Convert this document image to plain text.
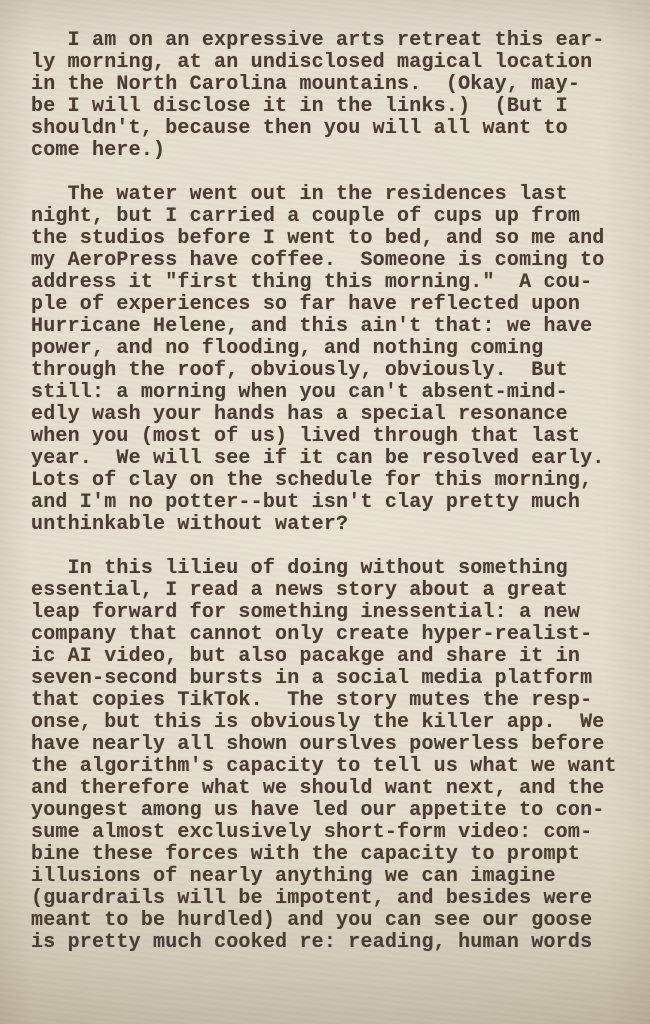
I am on an expressive arts retreat this ear-
ly morning, at an undisclosed magical location
in the North Carolina mountains.  (Okay, may-
be I will disclose it in the links.)  (But I
shouldn't, because then you will all want to
come here.)
The water went out in the residences last
night, but I carried a couple of cups up from
the studios before I went to bed, and so me and
my AeroPress have coffee.  Someone is coming to
address it "first thing this morning."  A cou-
ple of experiences so far have reflected upon
Hurricane Helene, and this ain't that: we have
power, and no flooding, and nothing coming
through the roof, obviously, obviously.  But
still: a morning when you can't absent-mind-
edly wash your hands has a special resonance
when you (most of us) lived through that last
year.  We will see if it can be resolved early.
Lots of clay on the schedule for this morning,
and I'm no potter--but isn't clay pretty much
unthinkable without water?
In this lilieu of doing without something
essential, I read a news story about a great
leap forward for something inessential: a new
company that cannot only create hyper-realist-
ic AI video, but also pacakge and share it in
seven-second bursts in a social media platform
that copies TikTok.  The story mutes the resp-
onse, but this is obviously the killer app.  We
have nearly all shown ourslves powerless before
the algorithm's capacity to tell us what we want
and therefore what we should want next, and the
youngest among us have led our appetite to con-
sume almost exclusively short-form video: com-
bine these forces with the capacity to prompt
illusions of nearly anything we can imagine
(guardrails will be impotent, and besides were
meant to be hurdled) and you can see our goose
is pretty much cooked re: reading, human words
